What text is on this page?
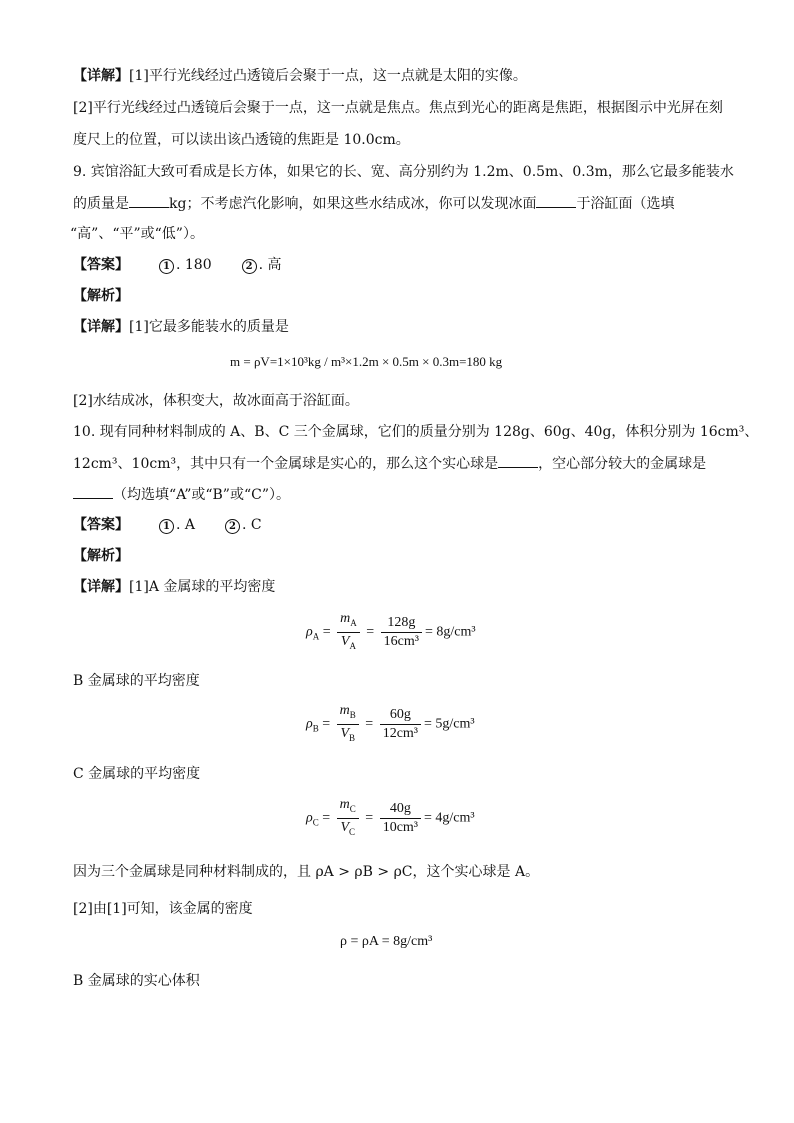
【详解】[1]平行光线经过凸透镜后会聚于一点，这一点就是太阳的实像。
[2]平行光线经过凸透镜后会聚于一点，这一点就是焦点。焦点到光心的距离是焦距，根据图示中光屏在刻
度尺上的位置，可以读出该凸透镜的焦距是 10.0cm。
9. 宾馆浴缸大致可看成是长方体，如果它的长、宽、高分别约为 1.2m、0.5m、0.3m，那么它最多能装水
的质量是	kg；不考虑汽化影响，如果这些水结成冰，你可以发现冰面	于浴缸面（选填
“高”、“平”或“低”）。
【答案】	1 . 180	2 . 高
【解析】
【详解】[1]它最多能装水的质量是
m = ρV=1×10³kg / m³×1.2m × 0.5m × 0.3m=180 kg
[2]水结成冰，体积变大，故冰面高于浴缸面。
10. 现有同种材料制成的 A、B、C 三个金属球，它们的质量分别为 128g、60g、40g，体积分别为 16cm³、
12cm³、10cm³，其中只有一个金属球是实心的，那么这个实心球是	，空心部分较大的金属球是
（均选填“A”或“B”或“C”）。
【答案】	1 . A	2 . C
【解析】
【详解】[1]A 金属球的平均密度
$\rho_A = \frac{m_A}{V_A} = \frac{128g}{\text{16cm³}} = 8g/cm^3$
B 金属球的平均密度
$\rho_B = \frac{m_B}{V_B} = \frac{60g}{\text{12cm³}} = 5g/cm^3$
C 金属球的平均密度
$\rho_C = \frac{m_C}{V_C} = \frac{40g}{\text{10cm³}} = 4g/cm^3$
因为三个金属球是同种材料制成的，且 ρA > ρB > ρC，这个实心球是 A。
[2]由[1]可知，该金属的密度
ρ = ρA = 8g/cm³
B 金属球的实心体积
